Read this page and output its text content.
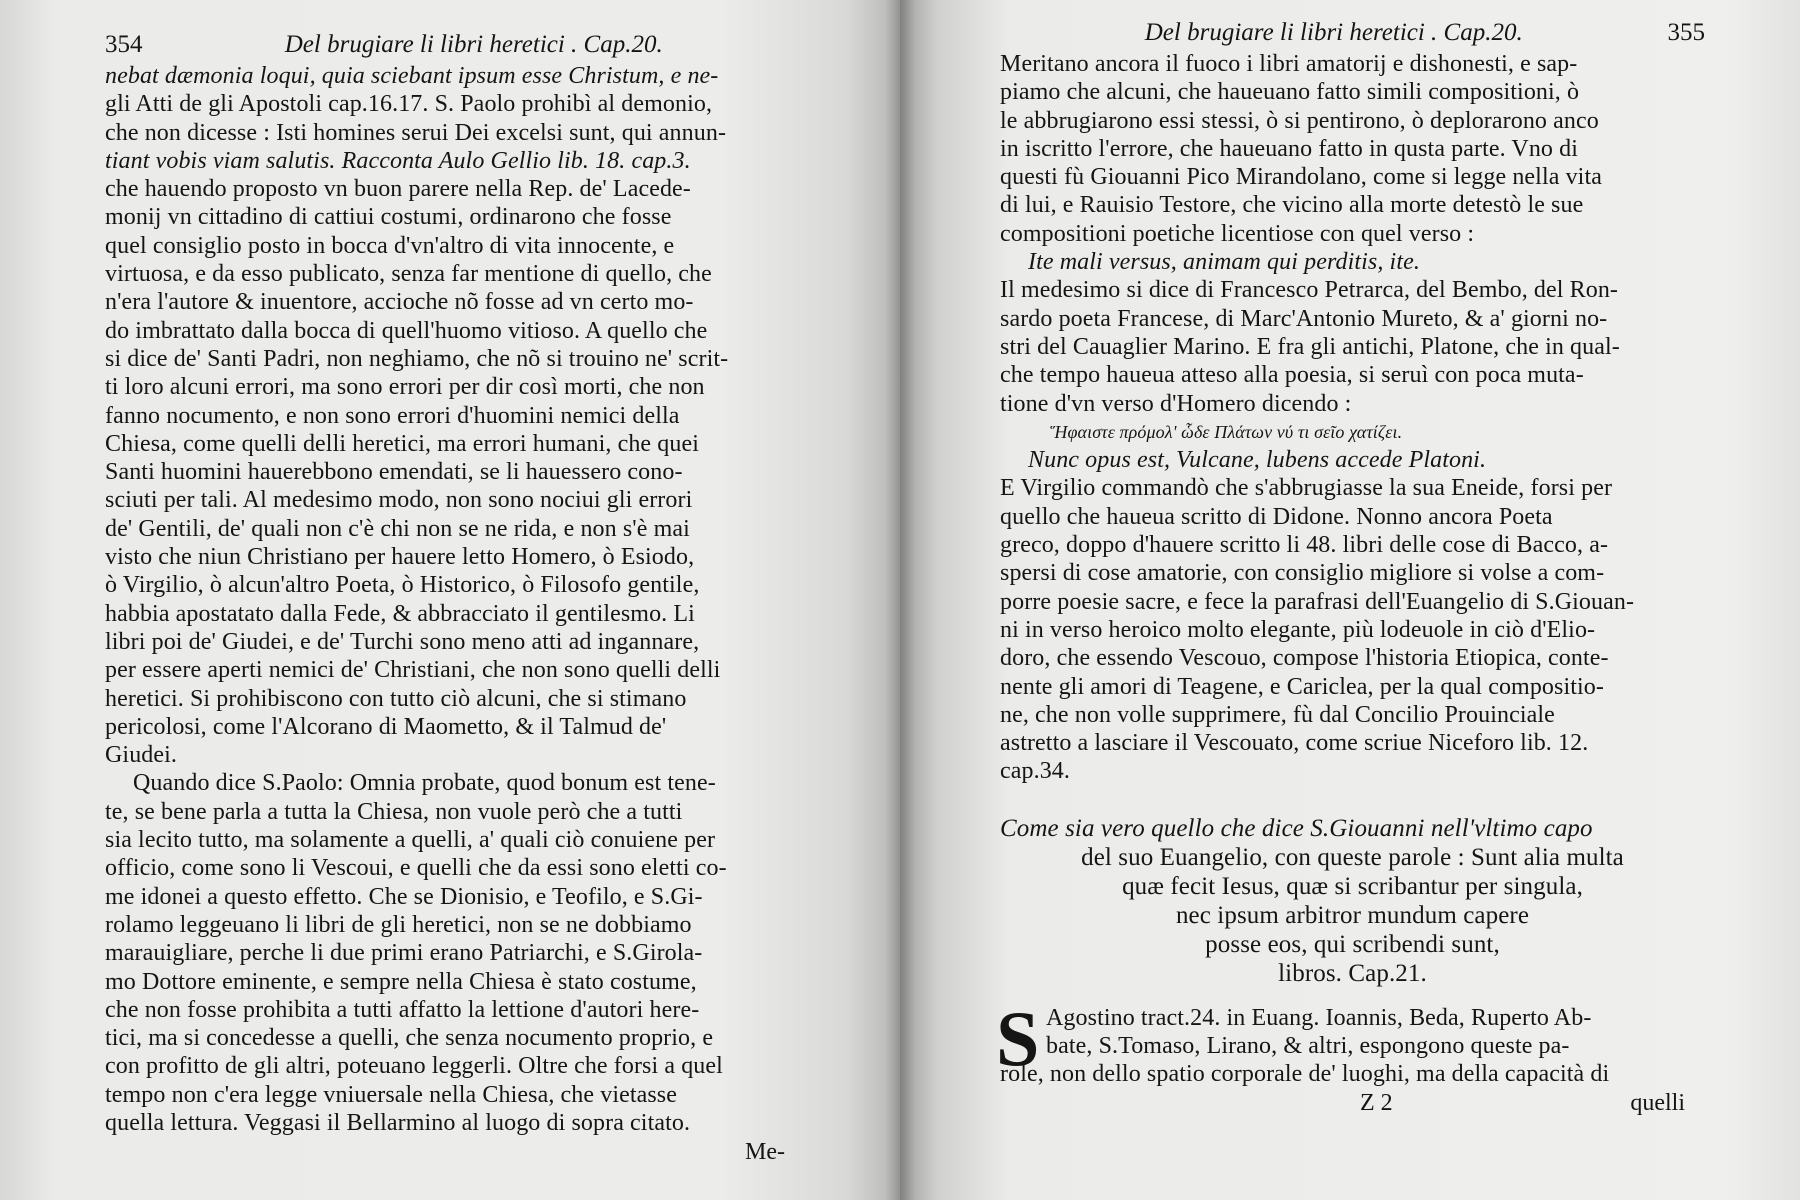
354	Del brugiare li libri heretici . Cap.20.
nebat dæmonia loqui, quia sciebant ipsum esse Christum, e ne-
gli Atti de gli Apostoli cap.16.17. S. Paolo prohibì al demonio,
che non dicesse : Isti homines serui Dei excelsi sunt, qui annun-
tiant vobis viam salutis. Racconta Aulo Gellio lib. 18. cap.3.
che hauendo proposto vn buon parere nella Rep. de' Lacede-
monij vn cittadino di cattiui costumi, ordinarono che fosse
quel consiglio posto in bocca d'vn'altro di vita innocente, e
virtuosa, e da esso publicato, senza far mentione di quello, che
n'era l'autore & inuentore, accioche nõ fosse ad vn certo mo-
do imbrattato dalla bocca di quell'huomo vitioso. A quello che
si dice de' Santi Padri, non neghiamo, che nõ si trouino ne' scrit-
ti loro alcuni errori, ma sono errori per dir così morti, che non
fanno nocumento, e non sono errori d'huomini nemici della
Chiesa, come quelli delli heretici, ma errori humani, che quei
Santi huomini hauerebbono emendati, se li hauessero cono-
sciuti per tali. Al medesimo modo, non sono nociui gli errori
de' Gentili, de' quali non c'è chi non se ne rida, e non s'è mai
visto che niun Christiano per hauere letto Homero, ò Esiodo,
ò Virgilio, ò alcun'altro Poeta, ò Historico, ò Filosofo gentile,
habbia apostatato dalla Fede, & abbracciato il gentilesmo. Li
libri poi de' Giudei, e de' Turchi sono meno atti ad ingannare,
per essere aperti nemici de' Christiani, che non sono quelli delli
heretici. Si prohibiscono con tutto ciò alcuni, che si stimano
pericolosi, come l'Alcorano di Maometto, & il Talmud de'
Giudei.
Quando dice S.Paolo: Omnia probate, quod bonum est tene-
te, se bene parla a tutta la Chiesa, non vuole però che a tutti
sia lecito tutto, ma solamente a quelli, a' quali ciò conuiene per
officio, come sono li Vescoui, e quelli che da essi sono eletti co-
me idonei a questo effetto. Che se Dionisio, e Teofilo, e S.Gi-
rolamo leggeuano li libri de gli heretici, non se ne dobbiamo
marauigliare, perche li due primi erano Patriarchi, e S.Girola-
mo Dottore eminente, e sempre nella Chiesa è stato costume,
che non fosse prohibita a tutti affatto la lettione d'autori here-
tici, ma si concedesse a quelli, che senza nocumento proprio, e
con profitto de gli altri, poteuano leggerli. Oltre che forsi a quel
tempo non c'era legge vniuersale nella Chiesa, che vietasse
quella lettura. Veggasi il Bellarmino al luogo di sopra citato.
Me-
Del brugiare li libri heretici . Cap.20.	355
Meritano ancora il fuoco i libri amatorij e dishonesti, e sap-
piamo che alcuni, che haueuano fatto simili compositioni, ò
le abbrugiarono essi stessi, ò si pentirono, ò deplorarono anco
in iscritto l'errore, che haueuano fatto in qusta parte. Vno di
questi fù Giouanni Pico Mirandolano, come si legge nella vita
di lui, e Rauisio Testore, che vicino alla morte detestò le sue
compositioni poetiche licentiose con quel verso :
Ite mali versus, animam qui perditis, ite.
Il medesimo si dice di Francesco Petrarca, del Bembo, del Ron-
sardo poeta Francese, di Marc'Antonio Mureto, & a' giorni no-
stri del Cauaglier Marino. E fra gli antichi, Platone, che in qual-
che tempo haueua atteso alla poesia, si seruì con poca muta-
tione d'vn verso d'Homero dicendo :
Ἥφαιστε πρόμολ' ὧδε Πλάτων νύ τι σεῖο χατίζει.
Nunc opus est, Vulcane, lubens accede Platoni.
E Virgilio commandò che s'abbrugiasse la sua Eneide, forsi per
quello che haueua scritto di Didone. Nonno ancora Poeta
greco, doppo d'hauere scritto li 48. libri delle cose di Bacco, a-
spersi di cose amatorie, con consiglio migliore si volse a com-
porre poesie sacre, e fece la parafrasi dell'Euangelio di S.Giouan-
ni in verso heroico molto elegante, più lodeuole in ciò d'Elio-
doro, che essendo Vescouo, compose l'historia Etiopica, conte-
nente gli amori di Teagene, e Cariclea, per la qual compositio-
ne, che non volle supprimere, fù dal Concilio Prouinciale
astretto a lasciare il Vescouato, come scriue Niceforo lib. 12.
cap.34.
Come sia vero quello che dice S.Giouanni nell'vltimo capo
del suo Euangelio, con queste parole : Sunt alia multa
quæ fecit Iesus, quæ si scribantur per singula,
nec ipsum arbitror mundum capere
posse eos, qui scribendi sunt,
libros. Cap.21.
S Agostino tract.24. in Euang. Ioannis, Beda, Ruperto Ab-
bate, S.Tomaso, Lirano, & altri, espongono queste pa-
role, non dello spatio corporale de' luoghi, ma della capacità di
Z 2	quelli
